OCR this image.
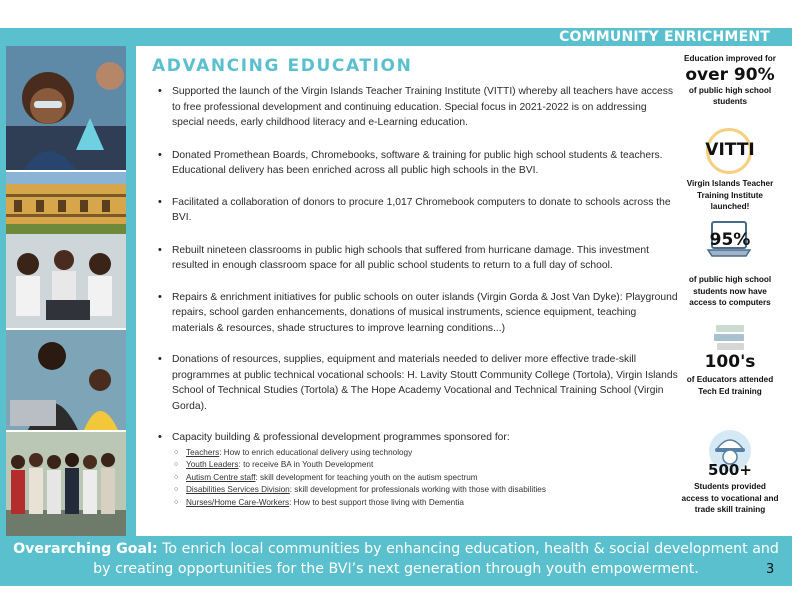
COMMUNITY ENRICHMENT
ADVANCING EDUCATION
• Supported the launch of the Virgin Islands Teacher Training Institute (VITTI) whereby all teachers have access to free professional development and continuing education. Special focus in 2021-2022 is on addressing special needs, early childhood literacy and e-Learning education.
• Donated Promethean Boards, Chromebooks, software & training for public high school students & teachers. Educational delivery has been enriched across all public high schools in the BVI.
• Facilitated a collaboration of donors to procure 1,017 Chromebook computers to donate to schools across the BVI.
• Rebuilt nineteen classrooms in public high schools that suffered from hurricane damage. This investment resulted in enough classroom space for all public school students to return to a full day of school.
• Repairs & enrichment initiatives for public schools on outer islands (Virgin Gorda & Jost Van Dyke): Playground repairs, school garden enhancements, donations of musical instruments, science equipment, teaching materials & resources, shade structures to improve learning conditions...)
• Donations of resources, supplies, equipment and materials needed to deliver more effective trade-skill programmes at public technical vocational schools: H. Lavity Stoutt Community College (Tortola), Virgin Islands School of Technical Studies (Tortola) & The Hope Academy Vocational and Technical Training School (Virgin Gorda).
• Capacity building & professional development programmes sponsored for:
○ Teachers: How to enrich educational delivery using technology
○ Youth Leaders: to receive BA in Youth Development
○ Autism Centre staff: skill development for teaching youth on the autism spectrum
○ Disabilities Services Division: skill development for professionals working with those with disabilities
○ Nurses/Home Care-Workers: How to best support those living with Dementia
Education improved for
over 90%
of public high school students
VITTI
Virgin Islands Teacher Training Institute launched!
95%
of public high school students now have access to computers
100's
of Educators attended Tech Ed training
500+
Students provided access to vocational and trade skill training
Overarching Goal: To enrich local communities by enhancing education, health & social development and by creating opportunities for the BVI’s next generation through youth empowerment.	3
